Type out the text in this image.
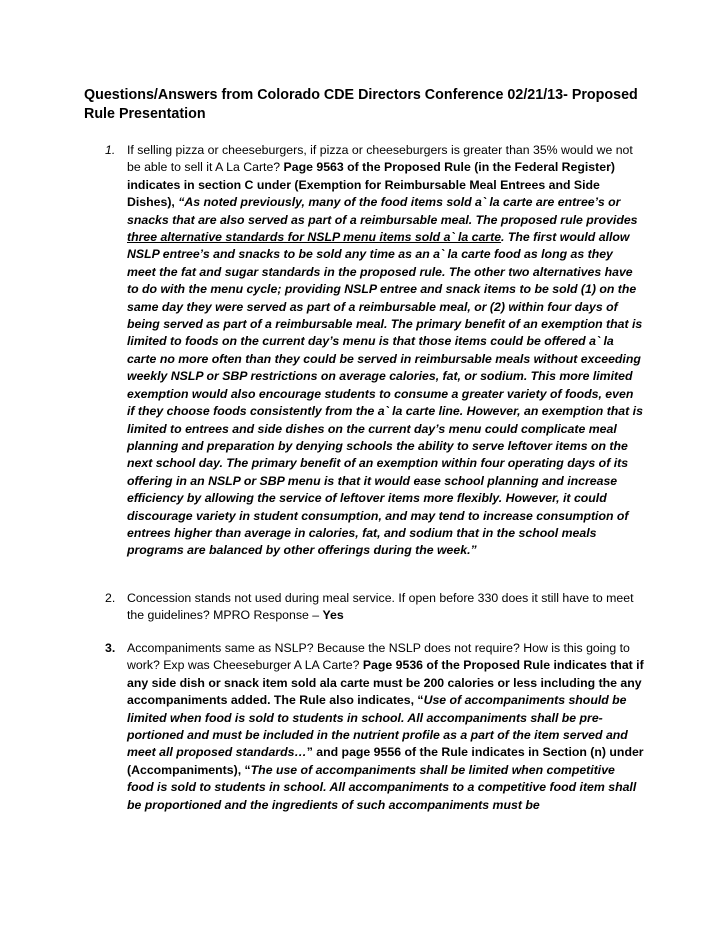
Questions/Answers from Colorado CDE Directors Conference 02/21/13- Proposed Rule Presentation
1. If selling pizza or cheeseburgers, if pizza or cheeseburgers is greater than 35% would we not be able to sell it A La Carte? Page 9563 of the Proposed Rule (in the Federal Register) indicates in section C under (Exemption for Reimbursable Meal Entrees and Side Dishes), “As noted previously, many of the food items sold a` la carte are entree’s or snacks that are also served as part of a reimbursable meal. The proposed rule provides three alternative standards for NSLP menu items sold a` la carte. The first would allow NSLP entree’s and snacks to be sold any time as an a` la carte food as long as they meet the fat and sugar standards in the proposed rule. The other two alternatives have to do with the menu cycle; providing NSLP entree and snack items to be sold (1) on the same day they were served as part of a reimbursable meal, or (2) within four days of being served as part of a reimbursable meal. The primary benefit of an exemption that is limited to foods on the current day’s menu is that those items could be offered a` la carte no more often than they could be served in reimbursable meals without exceeding weekly NSLP or SBP restrictions on average calories, fat, or sodium. This more limited exemption would also encourage students to consume a greater variety of foods, even if they choose foods consistently from the a` la carte line. However, an exemption that is limited to entrees and side dishes on the current day’s menu could complicate meal planning and preparation by denying schools the ability to serve leftover items on the next school day. The primary benefit of an exemption within four operating days of its offering in an NSLP or SBP menu is that it would ease school planning and increase efficiency by allowing the service of leftover items more flexibly. However, it could discourage variety in student consumption, and may tend to increase consumption of entrees higher than average in calories, fat, and sodium that in the school meals programs are balanced by other offerings during the week.”
2. Concession stands not used during meal service. If open before 330 does it still have to meet the guidelines? MPRO Response – Yes
3. Accompaniments same as NSLP? Because the NSLP does not require? How is this going to work? Exp was Cheeseburger A LA Carte? Page 9536 of the Proposed Rule indicates that if any side dish or snack item sold ala carte must be 200 calories or less including the any accompaniments added. The Rule also indicates, “Use of accompaniments should be limited when food is sold to students in school. All accompaniments shall be pre-portioned and must be included in the nutrient profile as a part of the item served and meet all proposed standards…” and page 9556 of the Rule indicates in Section (n) under (Accompaniments), “The use of accompaniments shall be limited when competitive food is sold to students in school. All accompaniments to a competitive food item shall be proportioned and the ingredients of such accompaniments must be
